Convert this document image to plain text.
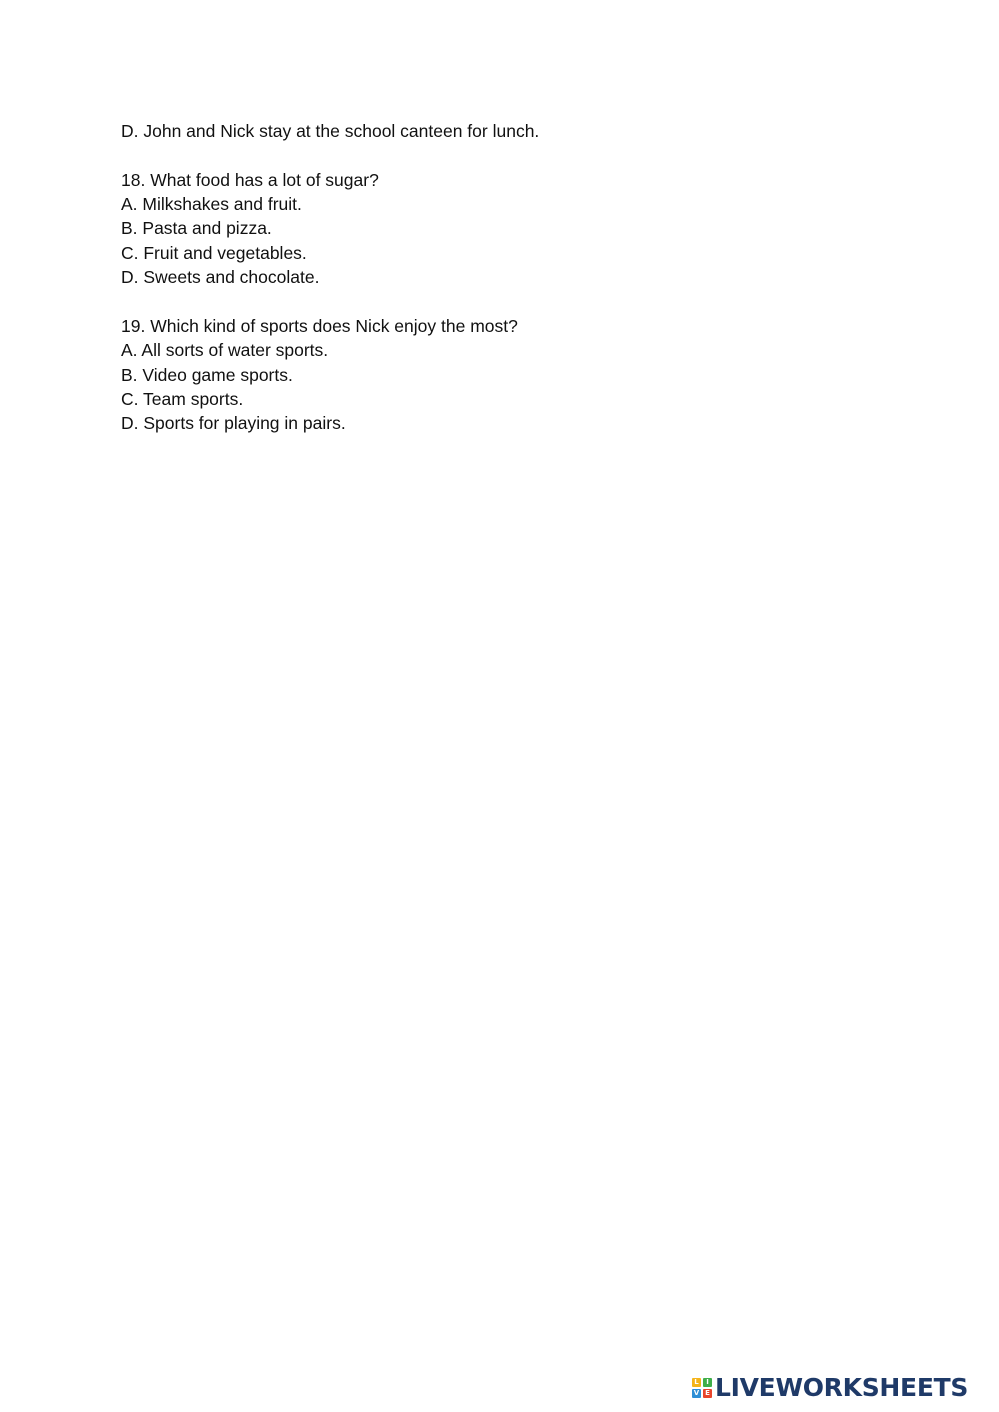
D. John and Nick stay at the school canteen for lunch.

18. What food has a lot of sugar?

A. Milkshakes and fruit.

B. Pasta and pizza.

C. Fruit and vegetables.

D. Sweets and chocolate.

19. Which kind of sports does Nick enjoy the most?

A. All sorts of water sports.

B. Video game sports.

C. Team sports.

D. Sports for playing in pairs.

L	I
V E LIVEWORKSHEETS
